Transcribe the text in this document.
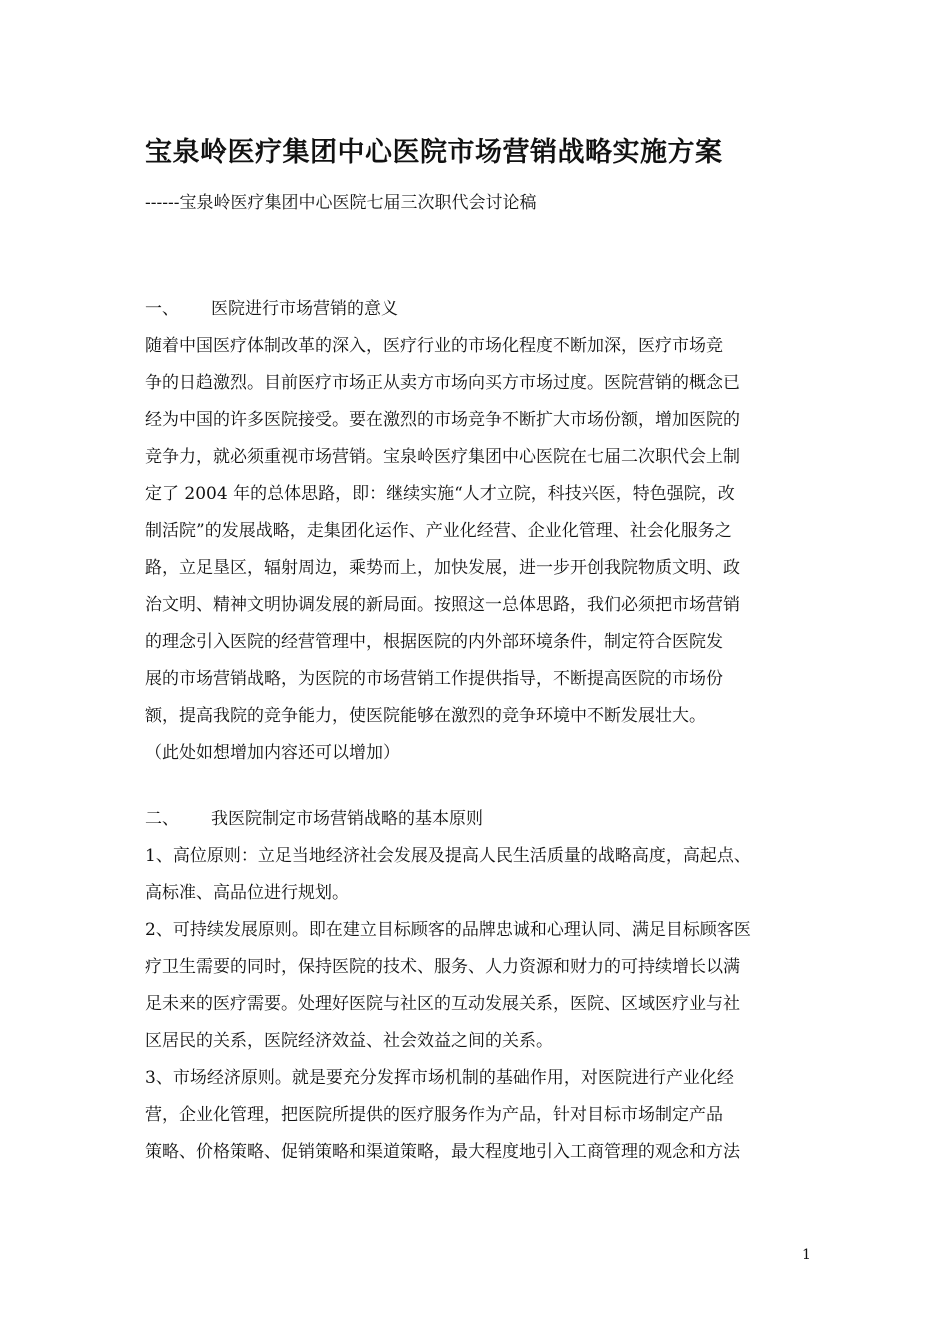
宝泉岭医疗集团中心医院市场营销战略实施方案
------宝泉岭医疗集团中心医院七届三次职代会讨论稿
一、 医院进行市场营销的意义
随着中国医疗体制改革的深入，医疗行业的市场化程度不断加深，医疗市场竞
争的日趋激烈。目前医疗市场正从卖方市场向买方市场过度。医院营销的概念已
经为中国的许多医院接受。要在激烈的市场竞争不断扩大市场份额，增加医院的
竞争力，就必须重视市场营销。宝泉岭医疗集团中心医院在七届二次职代会上制
定了 2004 年的总体思路，即：继续实施“人才立院，科技兴医，特色强院，改
制活院”的发展战略，走集团化运作、产业化经营、企业化管理、社会化服务之
路，立足垦区，辐射周边，乘势而上，加快发展，进一步开创我院物质文明、政
治文明、精神文明协调发展的新局面。按照这一总体思路，我们必须把市场营销
的理念引入医院的经营管理中，根据医院的内外部环境条件，制定符合医院发
展的市场营销战略，为医院的市场营销工作提供指导，不断提高医院的市场份
额，提高我院的竞争能力，使医院能够在激烈的竞争环境中不断发展壮大。
（此处如想增加内容还可以增加）
二、 我医院制定市场营销战略的基本原则
1、高位原则：立足当地经济社会发展及提高人民生活质量的战略高度，高起点、
高标准、高品位进行规划。
2、可持续发展原则。即在建立目标顾客的品牌忠诚和心理认同、满足目标顾客医
疗卫生需要的同时，保持医院的技术、服务、人力资源和财力的可持续增长以满
足未来的医疗需要。处理好医院与社区的互动发展关系，医院、区域医疗业与社
区居民的关系，医院经济效益、社会效益之间的关系。
3、市场经济原则。就是要充分发挥市场机制的基础作用，对医院进行产业化经
营，企业化管理，把医院所提供的医疗服务作为产品，针对目标市场制定产品
策略、价格策略、促销策略和渠道策略，最大程度地引入工商管理的观念和方法
1
